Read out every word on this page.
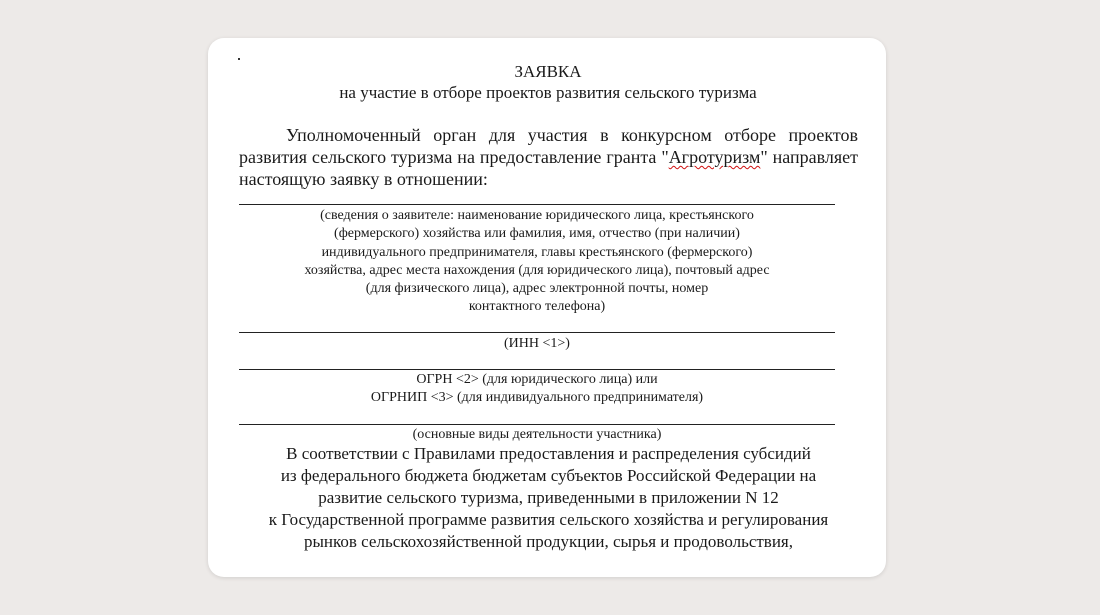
ЗАЯВКА
на участие в отборе проектов развития сельского туризма
Уполномоченный орган для участия в конкурсном отборе проектов развития сельского туризма на предоставление гранта "Агротуризм" направляет настоящую заявку в отношении:
(сведения о заявителе: наименование юридического лица, крестьянского
(фермерского) хозяйства или фамилия, имя, отчество (при наличии)
индивидуального предпринимателя, главы крестьянского (фермерского)
хозяйства, адрес места нахождения (для юридического лица), почтовый адрес
(для физического лица), адрес электронной почты, номер
контактного телефона)
(ИНН <1>)
ОГРН <2> (для юридического лица) или
ОГРНИП <3> (для индивидуального предпринимателя)
(основные виды деятельности участника)
В соответствии с Правилами предоставления и распределения субсидий
из федерального бюджета бюджетам субъектов Российской Федерации на
развитие сельского туризма, приведенными в приложении N 12
к Государственной программе развития сельского хозяйства и регулирования
рынков сельскохозяйственной продукции, сырья и продовольствия,
